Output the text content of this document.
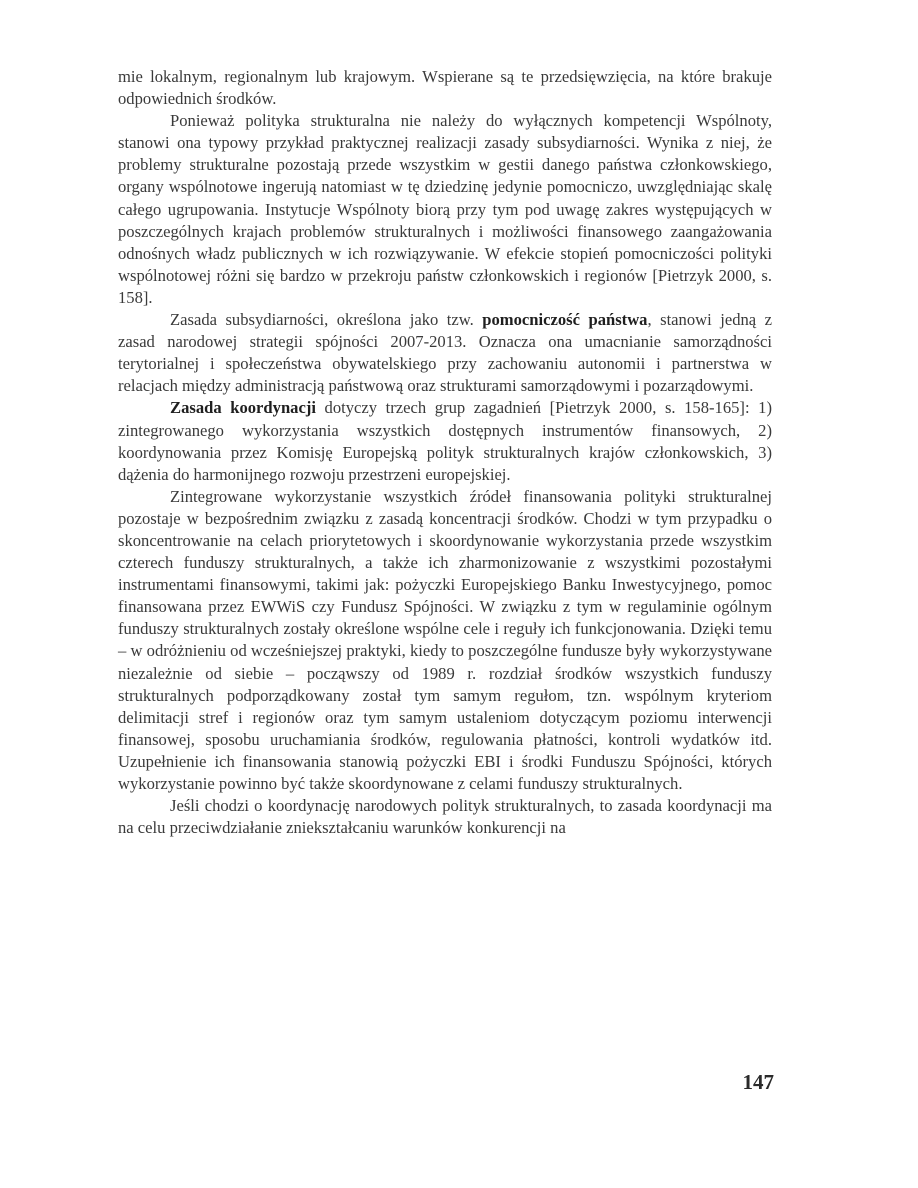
mie lokalnym, regionalnym lub krajowym. Wspierane są te przedsięwzięcia, na które brakuje odpowiednich środków.

Ponieważ polityka strukturalna nie należy do wyłącznych kompetencji Wspólnoty, stanowi ona typowy przykład praktycznej realizacji zasady subsydiarności. Wynika z niej, że problemy strukturalne pozostają przede wszystkim w gestii danego państwa członkowskiego, organy wspólnotowe ingerują natomiast w tę dziedzinę jedynie pomocniczo, uwzględniając skalę całego ugrupowania. Instytucje Wspólnoty biorą przy tym pod uwagę zakres występujących w poszczególnych krajach problemów strukturalnych i możliwości finansowego zaangażowania odnośnych władz publicznych w ich rozwiązywanie. W efekcie stopień pomocniczości polityki wspólnotowej różni się bardzo w przekroju państw członkowskich i regionów [Pietrzyk 2000, s. 158].

Zasada subsydiarności, określona jako tzw. pomocniczość państwa, stanowi jedną z zasad narodowej strategii spójności 2007-2013. Oznacza ona umacnianie samorządności terytorialnej i społeczeństwa obywatelskiego przy zachowaniu autonomii i partnerstwa w relacjach między administracją państwową oraz strukturami samorządowymi i pozarządowymi.

Zasada koordynacji dotyczy trzech grup zagadnień [Pietrzyk 2000, s. 158-165]: 1) zintegrowanego wykorzystania wszystkich dostępnych instrumentów finansowych, 2) koordynowania przez Komisję Europejską polityk strukturalnych krajów członkowskich, 3) dążenia do harmonijnego rozwoju przestrzeni europejskiej.

Zintegrowane wykorzystanie wszystkich źródeł finansowania polityki strukturalnej pozostaje w bezpośrednim związku z zasadą koncentracji środków. Chodzi w tym przypadku o skoncentrowanie na celach priorytetowych i skoordynowanie wykorzystania przede wszystkim czterech funduszy strukturalnych, a także ich zharmonizowanie z wszystkimi pozostałymi instrumentami finansowymi, takimi jak: pożyczki Europejskiego Banku Inwestycyjnego, pomoc finansowana przez EWWiS czy Fundusz Spójności. W związku z tym w regulaminie ogólnym funduszy strukturalnych zostały określone wspólne cele i reguły ich funkcjonowania. Dzięki temu – w odróżnieniu od wcześniejszej praktyki, kiedy to poszczególne fundusze były wykorzystywane niezależnie od siebie – począwszy od 1989 r. rozdział środków wszystkich funduszy strukturalnych podporządkowany został tym samym regułom, tzn. wspólnym kryteriom delimitacji stref i regionów oraz tym samym ustaleniom dotyczącym poziomu interwencji finansowej, sposobu uruchamiania środków, regulowania płatności, kontroli wydatków itd. Uzupełnienie ich finansowania stanowią pożyczki EBI i środki Funduszu Spójności, których wykorzystanie powinno być także skoordynowane z celami funduszy strukturalnych.

Jeśli chodzi o koordynację narodowych polityk strukturalnych, to zasada koordynacji ma na celu przeciwdziałanie zniekształcaniu warunków konkurencji na

147
